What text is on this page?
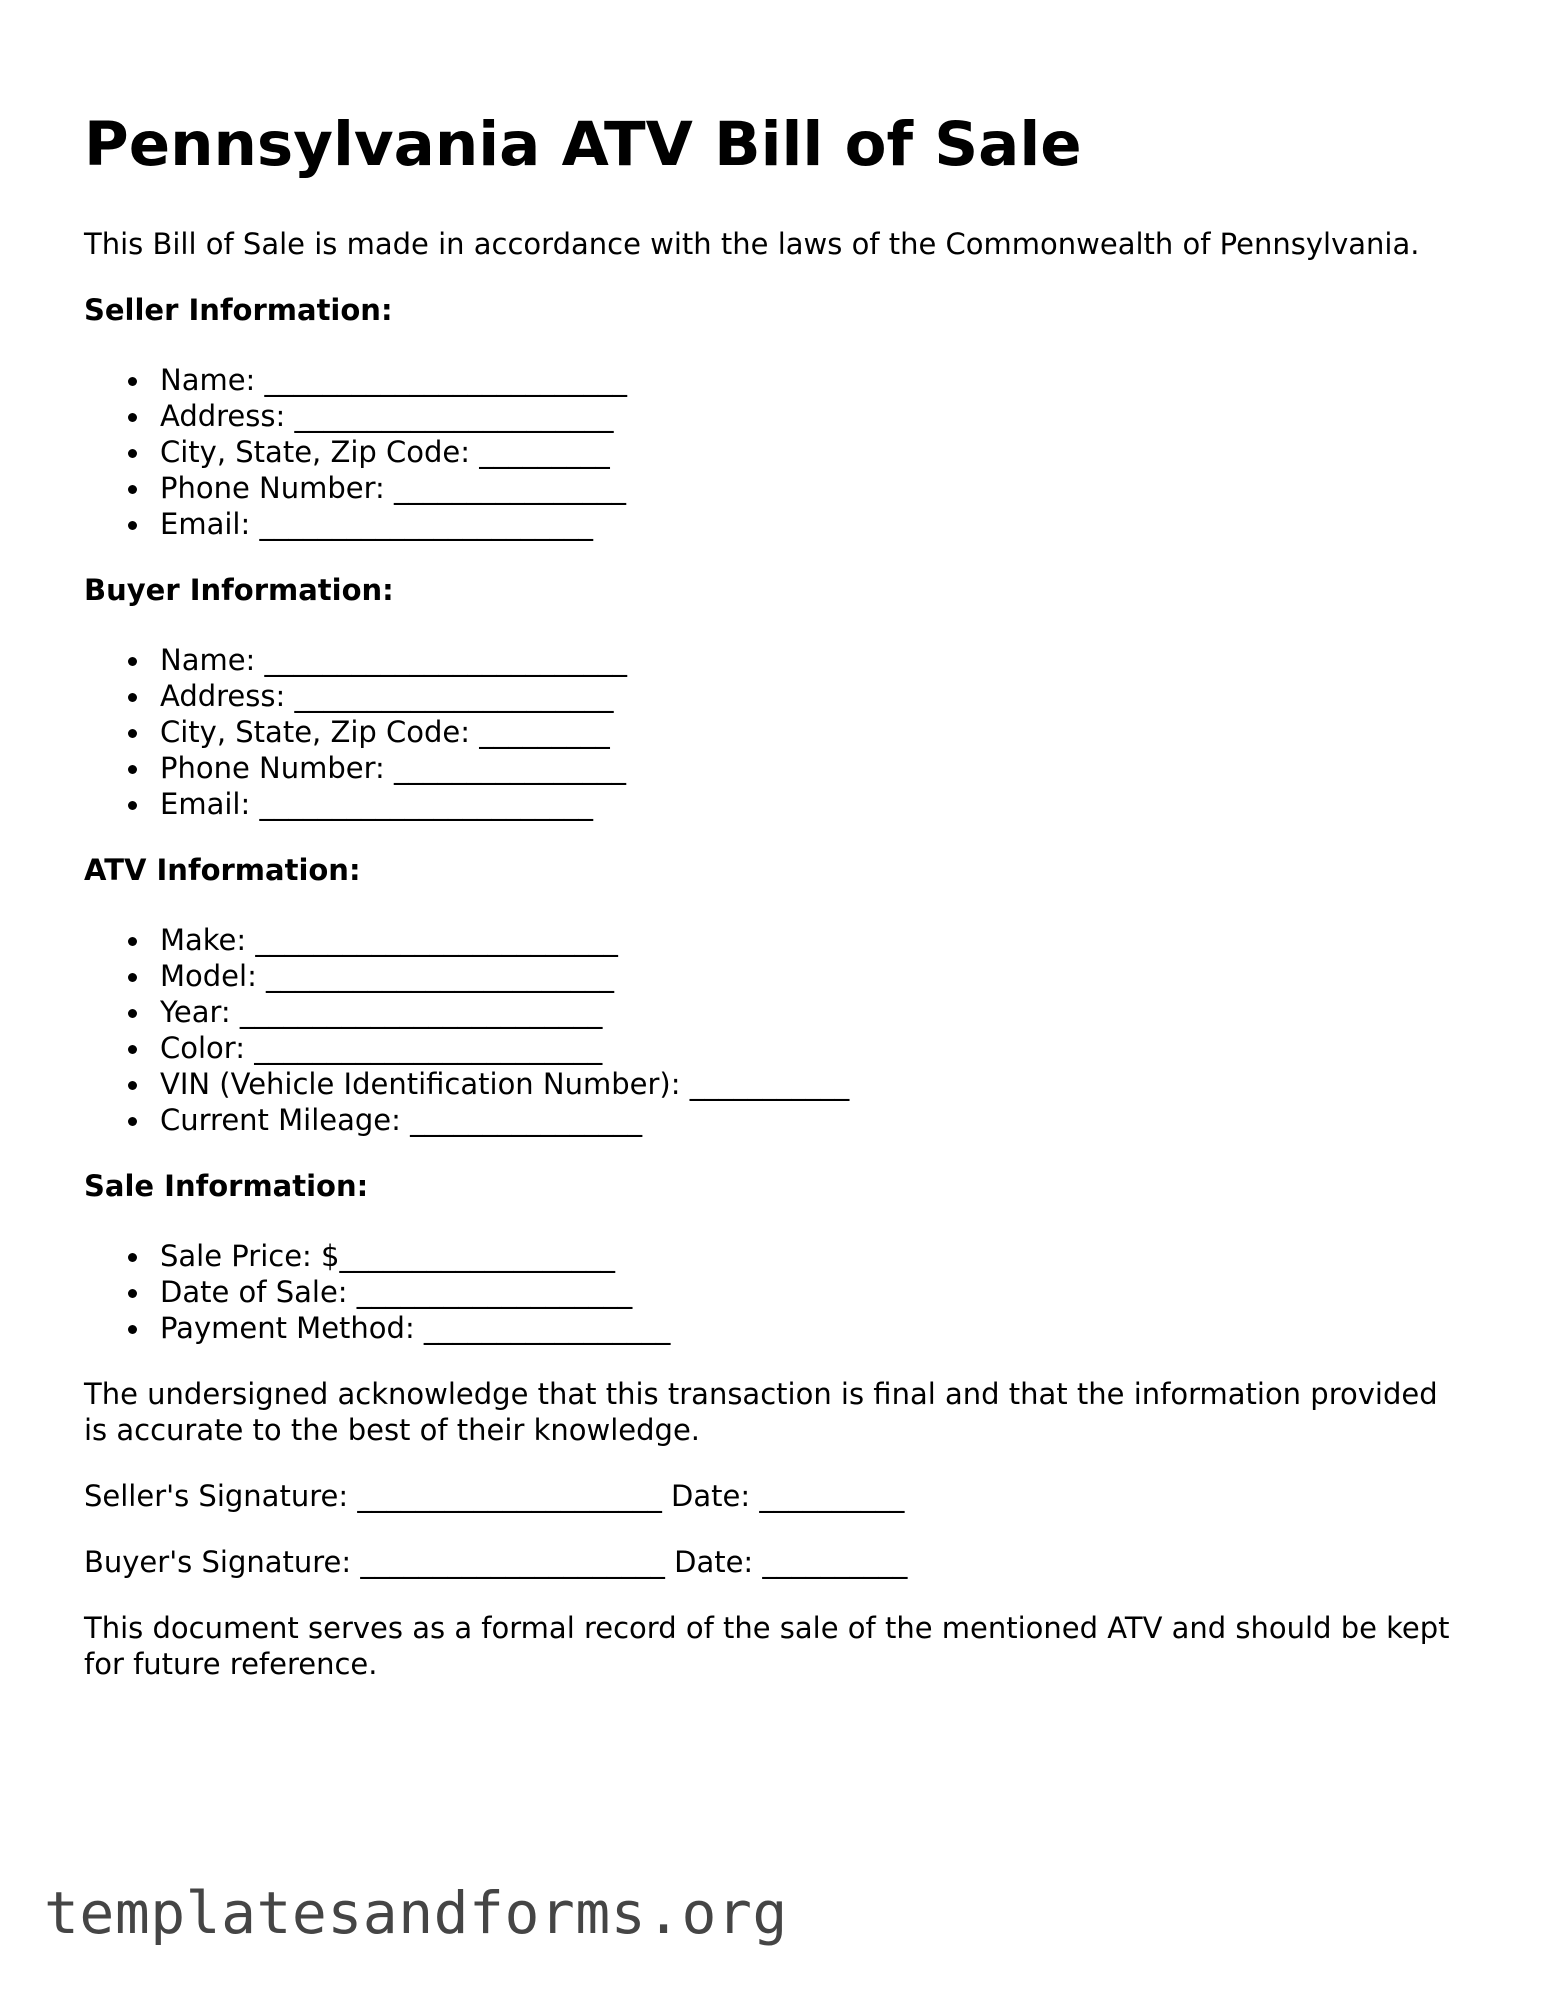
Pennsylvania ATV Bill of Sale

This Bill of Sale is made in accordance with the laws of the Commonwealth of Pennsylvania.

Seller Information:
Name: _________________________
Address: ______________________
City, State, Zip Code: _________
Phone Number: ________________
Email: _______________________
Buyer Information:
Name: _________________________
Address: ______________________
City, State, Zip Code: _________
Phone Number: ________________
Email: _______________________
ATV Information:
Make: _________________________
Model: ________________________
Year: _________________________
Color: ________________________
VIN (Vehicle Identification Number): ___________
Current Mileage: ________________
Sale Information:
Sale Price: $___________________
Date of Sale: ___________________
Payment Method: _________________

The undersigned acknowledge that this transaction is final and that the information provided is accurate to the best of their knowledge.

Seller's Signature: _____________________ Date: __________
Buyer's Signature: _____________________ Date: __________

This document serves as a formal record of the sale of the mentioned ATV and should be kept for future reference.

templatesandforms.org
